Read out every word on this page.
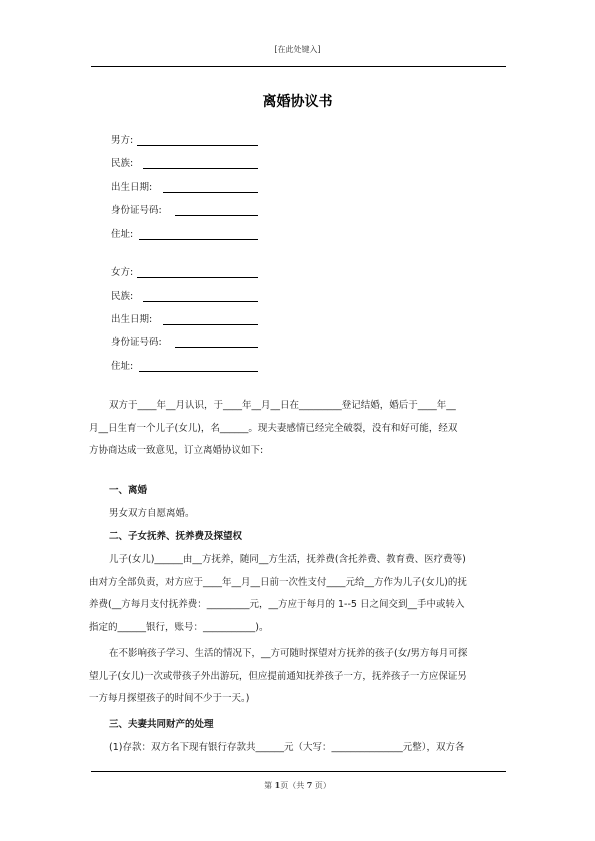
[在此处键入]
离婚协议书
男方:
民族:
出生日期:
身份证号码:
住址:
女方:
民族:
出生日期:
身份证号码:
住址:
双方于____年__月认识，于____年__月__日在_________登记结婚，婚后于____年__
月__日生育一个儿子(女儿)，名______。现夫妻感情已经完全破裂，没有和好可能，经双
方协商达成一致意见，订立离婚协议如下:
一、离婚
男女双方自愿离婚。
二、子女抚养、抚养费及探望权
儿子(女儿)______由__方抚养，随同__方生活，抚养费(含托养费、教育费、医疗费等)
由对方全部负责，对方应于____年__月__日前一次性支付____元给__方作为儿子(女儿)的抚
养费(__方每月支付抚养费：_________元，__方应于每月的 1--5 日之间交到__手中或转入
指定的______银行，账号：___________)。
在不影响孩子学习、生活的情况下，__方可随时探望对方抚养的孩子(女/男方每月可探
望儿子(女儿)一次或带孩子外出游玩，但应提前通知抚养孩子一方，抚养孩子一方应保证另
一方每月探望孩子的时间不少于一天。)
三、夫妻共同财产的处理
(1)存款：双方名下现有银行存款共______元（大写：_______________元整），双方各
第 1页（共 7 页）
